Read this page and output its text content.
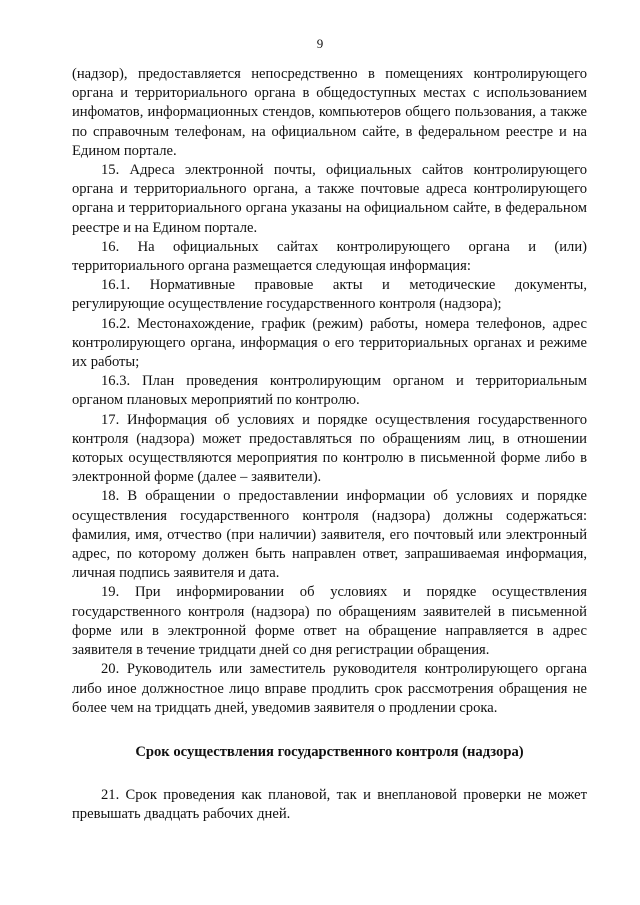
9

(надзор), предоставляется непосредственно в помещениях контролирующего органа и территориального органа в общедоступных местах с использованием инфоматов, информационных стендов, компьютеров общего пользования, а также по справочным телефонам, на официальном сайте, в федеральном реестре и на Едином портале.

15. Адреса электронной почты, официальных сайтов контролирующего органа и территориального органа, а также почтовые адреса контролирующего органа и территориального органа указаны на официальном сайте, в федеральном реестре и на Едином портале.

16. На официальных сайтах контролирующего органа и (или) территориального органа размещается следующая информация:

16.1. Нормативные правовые акты и методические документы, регулирующие осуществление государственного контроля (надзора);

16.2. Местонахождение, график (режим) работы, номера телефонов, адрес контролирующего органа, информация о его территориальных органах и режиме их работы;

16.3. План проведения контролирующим органом и территориальным органом плановых мероприятий по контролю.

17. Информация об условиях и порядке осуществления государственного контроля (надзора) может предоставляться по обращениям лиц, в отношении которых осуществляются мероприятия по контролю в письменной форме либо в электронной форме (далее – заявители).

18. В обращении о предоставлении информации об условиях и порядке осуществления государственного контроля (надзора) должны содержаться: фамилия, имя, отчество (при наличии) заявителя, его почтовый или электронный адрес, по которому должен быть направлен ответ, запрашиваемая информация, личная подпись заявителя и дата.

19. При информировании об условиях и порядке осуществления государственного контроля (надзора) по обращениям заявителей в письменной форме или в электронной форме ответ на обращение направляется в адрес заявителя в течение тридцати дней со дня регистрации обращения.

20. Руководитель или заместитель руководителя контролирующего органа либо иное должностное лицо вправе продлить срок рассмотрения обращения не более чем на тридцать дней, уведомив заявителя о продлении срока.

Срок осуществления государственного контроля (надзора)

21. Срок проведения как плановой, так и внеплановой проверки не может превышать двадцать рабочих дней.
